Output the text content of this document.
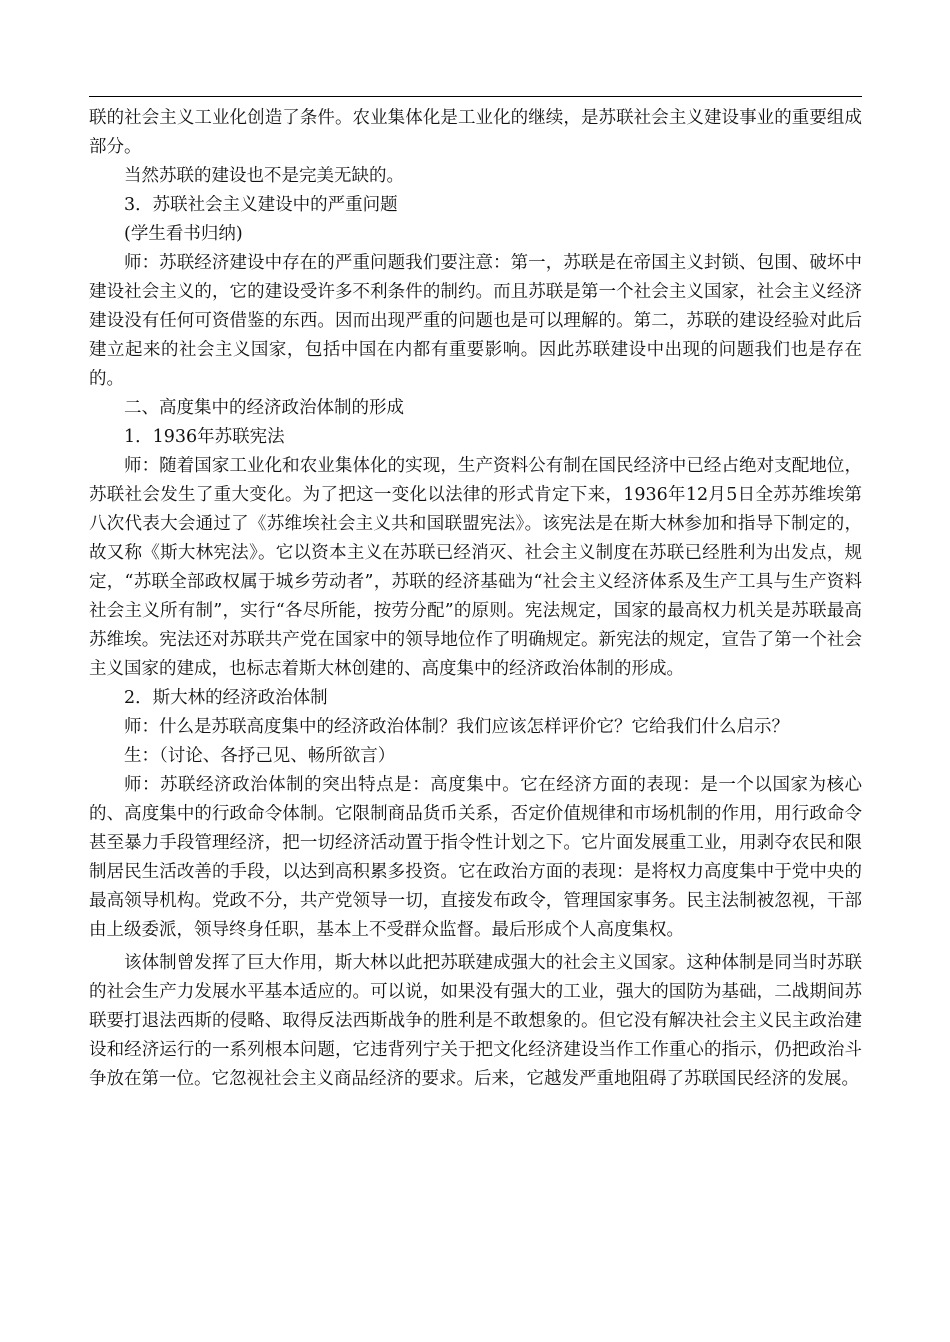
联的社会主义工业化创造了条件。农业集体化是工业化的继续，是苏联社会主义建设事业的重要组成部分。

当然苏联的建设也不是完美无缺的。

3．苏联社会主义建设中的严重问题

(学生看书归纳)

师：苏联经济建设中存在的严重问题我们要注意：第一，苏联是在帝国主义封锁、包围、破坏中建设社会主义的，它的建设受许多不利条件的制约。而且苏联是第一个社会主义国家，社会主义经济建设没有任何可资借鉴的东西。因而出现严重的问题也是可以理解的。第二，苏联的建设经验对此后建立起来的社会主义国家，包括中国在内都有重要影响。因此苏联建设中出现的问题我们也是存在的。

二、高度集中的经济政治体制的形成

1．1936年苏联宪法

师：随着国家工业化和农业集体化的实现，生产资料公有制在国民经济中已经占绝对支配地位，苏联社会发生了重大变化。为了把这一变化以法律的形式肯定下来，1936年12月5日全苏苏维埃第八次代表大会通过了《苏维埃社会主义共和国联盟宪法》。该宪法是在斯大林参加和指导下制定的，故又称《斯大林宪法》。它以资本主义在苏联已经消灭、社会主义制度在苏联已经胜利为出发点，规定，“苏联全部政权属于城乡劳动者”，苏联的经济基础为“社会主义经济体系及生产工具与生产资料社会主义所有制”，实行“各尽所能，按劳分配”的原则。宪法规定，国家的最高权力机关是苏联最高苏维埃。宪法还对苏联共产党在国家中的领导地位作了明确规定。新宪法的规定，宣告了第一个社会主义国家的建成，也标志着斯大林创建的、高度集中的经济政治体制的形成。

2．斯大林的经济政治体制

师：什么是苏联高度集中的经济政治体制？我们应该怎样评价它？它给我们什么启示？

生：（讨论、各抒己见、畅所欲言）

师：苏联经济政治体制的突出特点是：高度集中。它在经济方面的表现：是一个以国家为核心的、高度集中的行政命令体制。它限制商品货币关系，否定价值规律和市场机制的作用，用行政命令甚至暴力手段管理经济，把一切经济活动置于指令性计划之下。它片面发展重工业，用剥夺农民和限制居民生活改善的手段，以达到高积累多投资。它在政治方面的表现：是将权力高度集中于党中央的最高领导机构。党政不分，共产党领导一切，直接发布政令，管理国家事务。民主法制被忽视，干部由上级委派，领导终身任职，基本上不受群众监督。最后形成个人高度集权。

该体制曾发挥了巨大作用，斯大林以此把苏联建成强大的社会主义国家。这种体制是同当时苏联的社会生产力发展水平基本适应的。可以说，如果没有强大的工业，强大的国防为基础，二战期间苏联要打退法西斯的侵略、取得反法西斯战争的胜利是不敢想象的。但它没有解决社会主义民主政治建设和经济运行的一系列根本问题，它违背列宁关于把文化经济建设当作工作重心的指示，仍把政治斗争放在第一位。它忽视社会主义商品经济的要求。后来，它越发严重地阻碍了苏联国民经济的发展。
